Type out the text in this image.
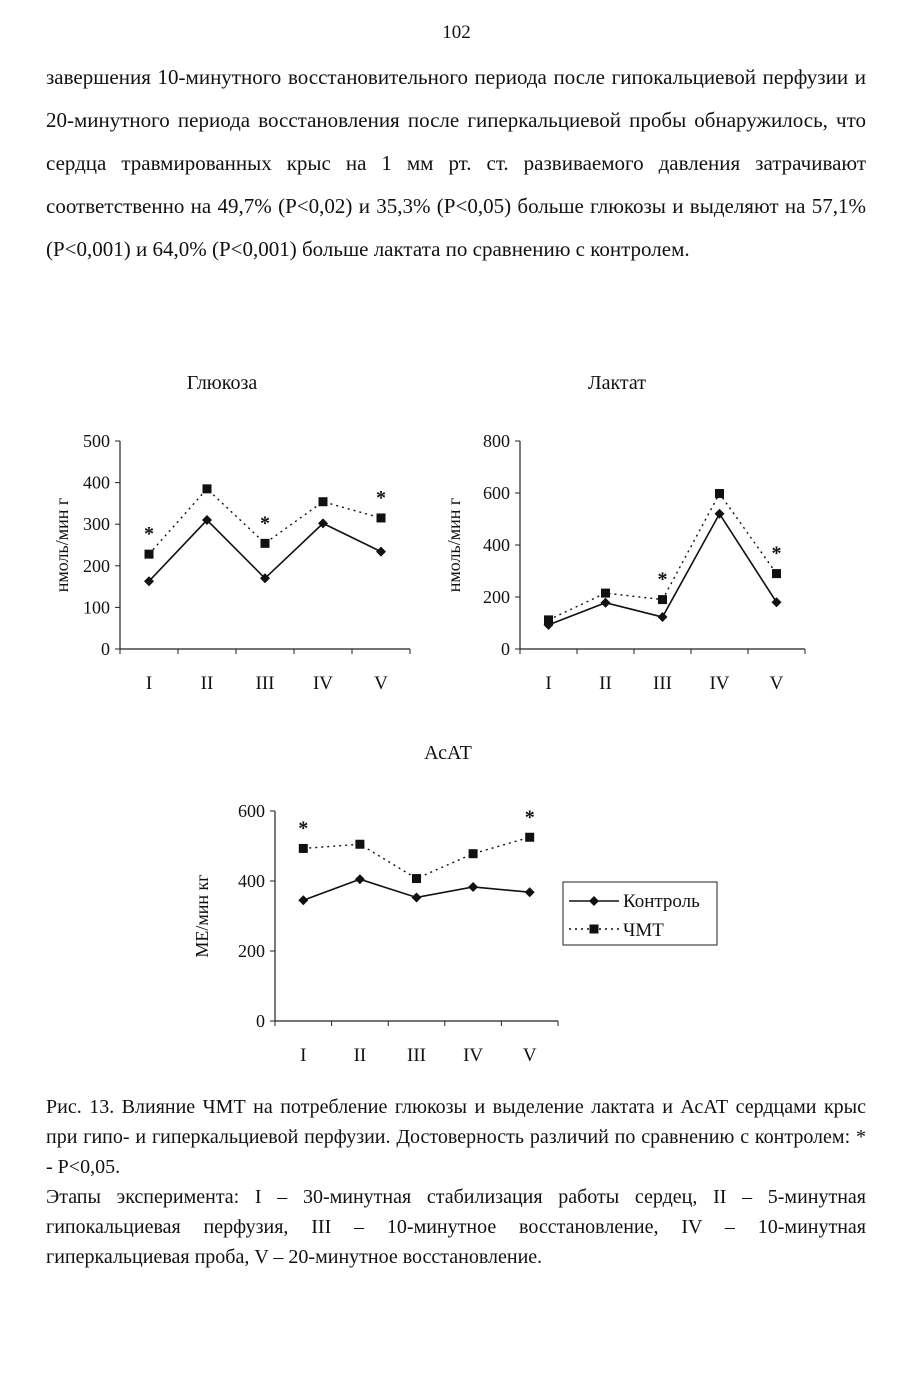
102

завершения 10-минутного восстановительного периода после гипокальциевой перфузии и 20-минутного периода восстановления после гиперкальциевой пробы обнаружилось, что сердца травмированных крыс на 1 мм рт. ст. развиваемого давления затрачивают соответственно на 49,7% (P<0,02) и 35,3% (P<0,05) больше глюкозы и выделяют на 57,1% (P<0,001) и 64,0% (P<0,001) больше лактата по сравнению с контролем.

Глюкоза	Лактат
АсАТ
0
100
200
300
400
500
I	II III IV V
нмоль/мин г	*	*
*
0
200
400
600
800
I	II III IV V
нмоль/мин г	*
*
0
200
400
600
I II III IV V
МЕ/мин кг
*
*
Контроль
ЧМТ

Рис. 13. Влияние ЧМТ на потребление глюкозы и выделение лактата и АсАТ сердцами крыс при гипо- и гиперкальциевой перфузии. Достоверность различий по сравнению с контролем: * - P<0,05.

Этапы эксперимента: I – 30-минутная стабилизация работы сердец, II – 5-минутная гипокальциевая перфузия, III – 10-минутное восстановление, IV – 10-минутная гиперкальциевая проба, V – 20-минутное восстановление.
